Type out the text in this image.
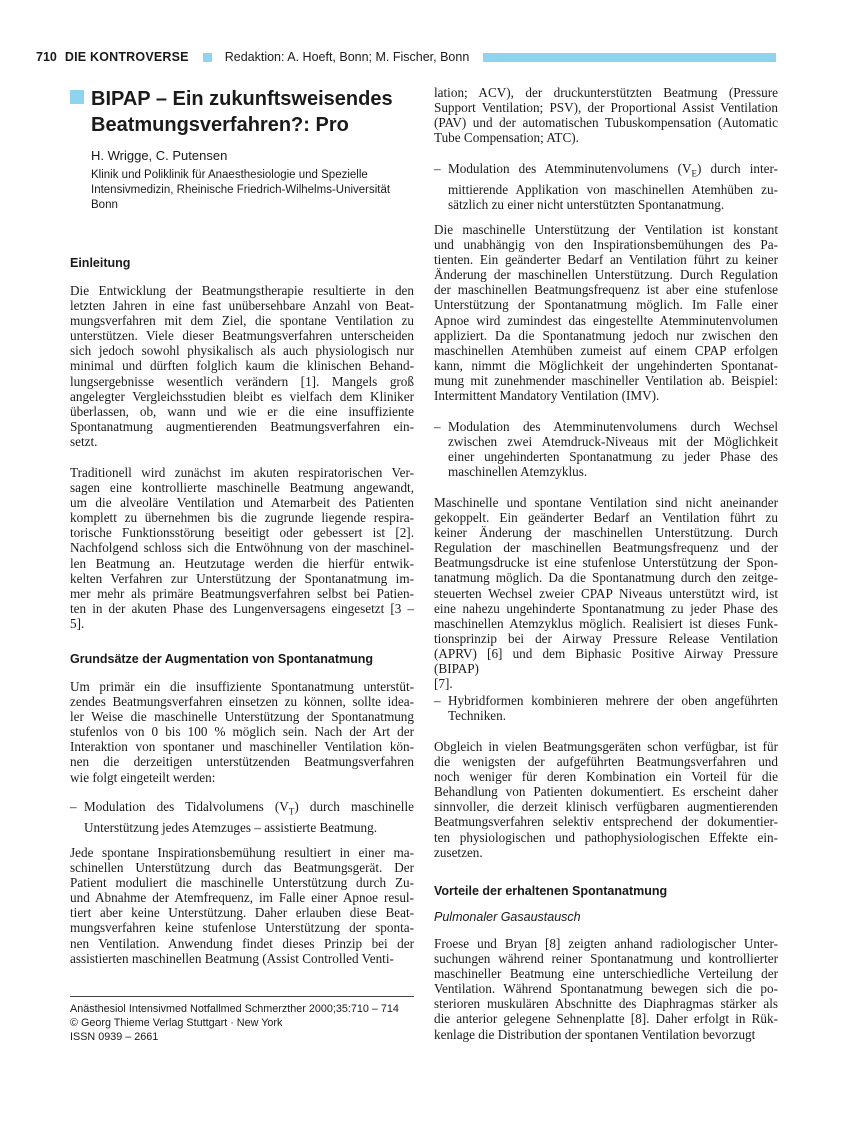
710 DIE KONTROVERSE	Redaktion: A. Hoeft, Bonn; M. Fischer, Bonn
BIPAP – Ein zukunftsweisendes
Beatmungsverfahren?: Pro
H. Wrigge, C. Putensen
Klinik und Poliklinik für Anaesthesiologie und Spezielle
Intensivmedizin, Rheinische Friedrich-Wilhelms-Universität
Bonn
Einleitung

Die Entwicklung der Beatmungstherapie resultierte in den

letzten Jahren in eine fast unübersehbare Anzahl von Beat-

mungsverfahren mit dem Ziel, die spontane Ventilation zu

unterstützen. Viele dieser Beatmungsverfahren unterscheiden

sich jedoch sowohl physikalisch als auch physiologisch nur

minimal und dürften folglich kaum die klinischen Behand-

lungsergebnisse wesentlich verändern [1]. Mangels groß

angelegter Vergleichsstudien bleibt es vielfach dem Kliniker

überlassen, ob, wann und wie er die eine insuffiziente

Spontanatmung augmentierenden Beatmungsverfahren ein-

setzt.

Traditionell wird zunächst im akuten respiratorischen Ver-

sagen eine kontrollierte maschinelle Beatmung angewandt,

um die alveoläre Ventilation und Atemarbeit des Patienten

komplett zu übernehmen bis die zugrunde liegende respira-

torische Funktionsstörung beseitigt oder gebessert ist [2].

Nachfolgend schloss sich die Entwöhnung von der maschinel-

len Beatmung an. Heutzutage werden die hierfür entwik-

kelten Verfahren zur Unterstützung der Spontanatmung im-

mer mehr als primäre Beatmungsverfahren selbst bei Patien-

ten in der akuten Phase des Lungenversagens eingesetzt [3 –

5].

Grundsätze der Augmentation von Spontanatmung

Um primär ein die insuffiziente Spontanatmung unterstüt-

zendes Beatmungsverfahren einsetzen zu können, sollte idea-

ler Weise die maschinelle Unterstützung der Spontanatmung

stufenlos von 0 bis 100 % möglich sein. Nach der Art der

Interaktion von spontaner und maschineller Ventilation kön-

nen die derzeitigen unterstützenden Beatmungsverfahren

wie folgt eingeteilt werden:

– Modulation des Tidalvolumens $(V_T)$ durch maschinelle

Unterstützung jedes Atemzuges – assistierte Beatmung.

Jede spontane Inspirationsbemühung resultiert in einer ma-

schinellen Unterstützung durch das Beatmungsgerät. Der

Patient moduliert die maschinelle Unterstützung durch Zu-

und Abnahme der Atemfrequenz, im Falle einer Apnoe resul-

tiert aber keine Unterstützung. Daher erlauben diese Beat-

mungsverfahren keine stufenlose Unterstützung der sponta-

nen Ventilation. Anwendung findet dieses Prinzip bei der

assistierten maschinellen Beatmung (Assist Controlled Venti-

Anästhesiol Intensivmed Notfallmed Schmerzther 2000;35:710 – 714
© Georg Thieme Verlag Stuttgart · New York
ISSN 0939 – 2661

lation; ACV), der druckunterstützten Beatmung (Pressure

Support Ventilation; PSV), der Proportional Assist Ventilation

(PAV) und der automatischen Tubuskompensation (Automatic

Tube Compensation; ATC).

– Modulation des Atemminutenvolumens $(V_E)$ durch inter-

mittierende Applikation von maschinellen Atemhüben zu-

sätzlich zu einer nicht unterstützten Spontanatmung.

Die maschinelle Unterstützung der Ventilation ist konstant

und unabhängig von den Inspirationsbemühungen des Pa-

tienten. Ein geänderter Bedarf an Ventilation führt zu keiner

Änderung der maschinellen Unterstützung. Durch Regulation

der maschinellen Beatmungsfrequenz ist aber eine stufenlose

Unterstützung der Spontanatmung möglich. Im Falle einer

Apnoe wird zumindest das eingestellte Atemminutenvolumen

appliziert. Da die Spontanatmung jedoch nur zwischen den

maschinellen Atemhüben zumeist auf einem CPAP erfolgen

kann, nimmt die Möglichkeit der ungehinderten Spontanat-

mung mit zunehmender maschineller Ventilation ab. Beispiel:

Intermittent Mandatory Ventilation (IMV).

– Modulation des Atemminutenvolumens durch Wechsel

zwischen zwei Atemdruck-Niveaus mit der Möglichkeit

einer ungehinderten Spontanatmung zu jeder Phase des

maschinellen Atemzyklus.

Maschinelle und spontane Ventilation sind nicht aneinander

gekoppelt. Ein geänderter Bedarf an Ventilation führt zu

keiner Änderung der maschinellen Unterstützung. Durch

Regulation der maschinellen Beatmungsfrequenz und der

Beatmungsdrucke ist eine stufenlose Unterstützung der Spon-

tanatmung möglich. Da die Spontanatmung durch den zeitge-

steuerten Wechsel zweier CPAP Niveaus unterstützt wird, ist

eine nahezu ungehinderte Spontanatmung zu jeder Phase des

maschinellen Atemzyklus möglich. Realisiert ist dieses Funk-

tionsprinzip bei der Airway Pressure Release Ventilation

(APRV) [6] und dem Biphasic Positive Airway Pressure (BIPAP)

[7].

– Hybridformen kombinieren mehrere der oben angeführten

Techniken.

Obgleich in vielen Beatmungsgeräten schon verfügbar, ist für

die wenigsten der aufgeführten Beatmungsverfahren und

noch weniger für deren Kombination ein Vorteil für die

Behandlung von Patienten dokumentiert. Es erscheint daher

sinnvoller, die derzeit klinisch verfügbaren augmentierenden

Beatmungsverfahren selektiv entsprechend der dokumentier-

ten physiologischen und pathophysiologischen Effekte ein-

zusetzen.

Vorteile der erhaltenen Spontanatmung
Pulmonaler Gasaustausch

Froese und Bryan [8] zeigten anhand radiologischer Unter-

suchungen während reiner Spontanatmung und kontrollierter

maschineller Beatmung eine unterschiedliche Verteilung der

Ventilation. Während Spontanatmung bewegen sich die po-

sterioren muskulären Abschnitte des Diaphragmas stärker als

die anterior gelegene Sehnenplatte [8]. Daher erfolgt in Rük-

kenlage die Distribution der spontanen Ventilation bevorzugt
